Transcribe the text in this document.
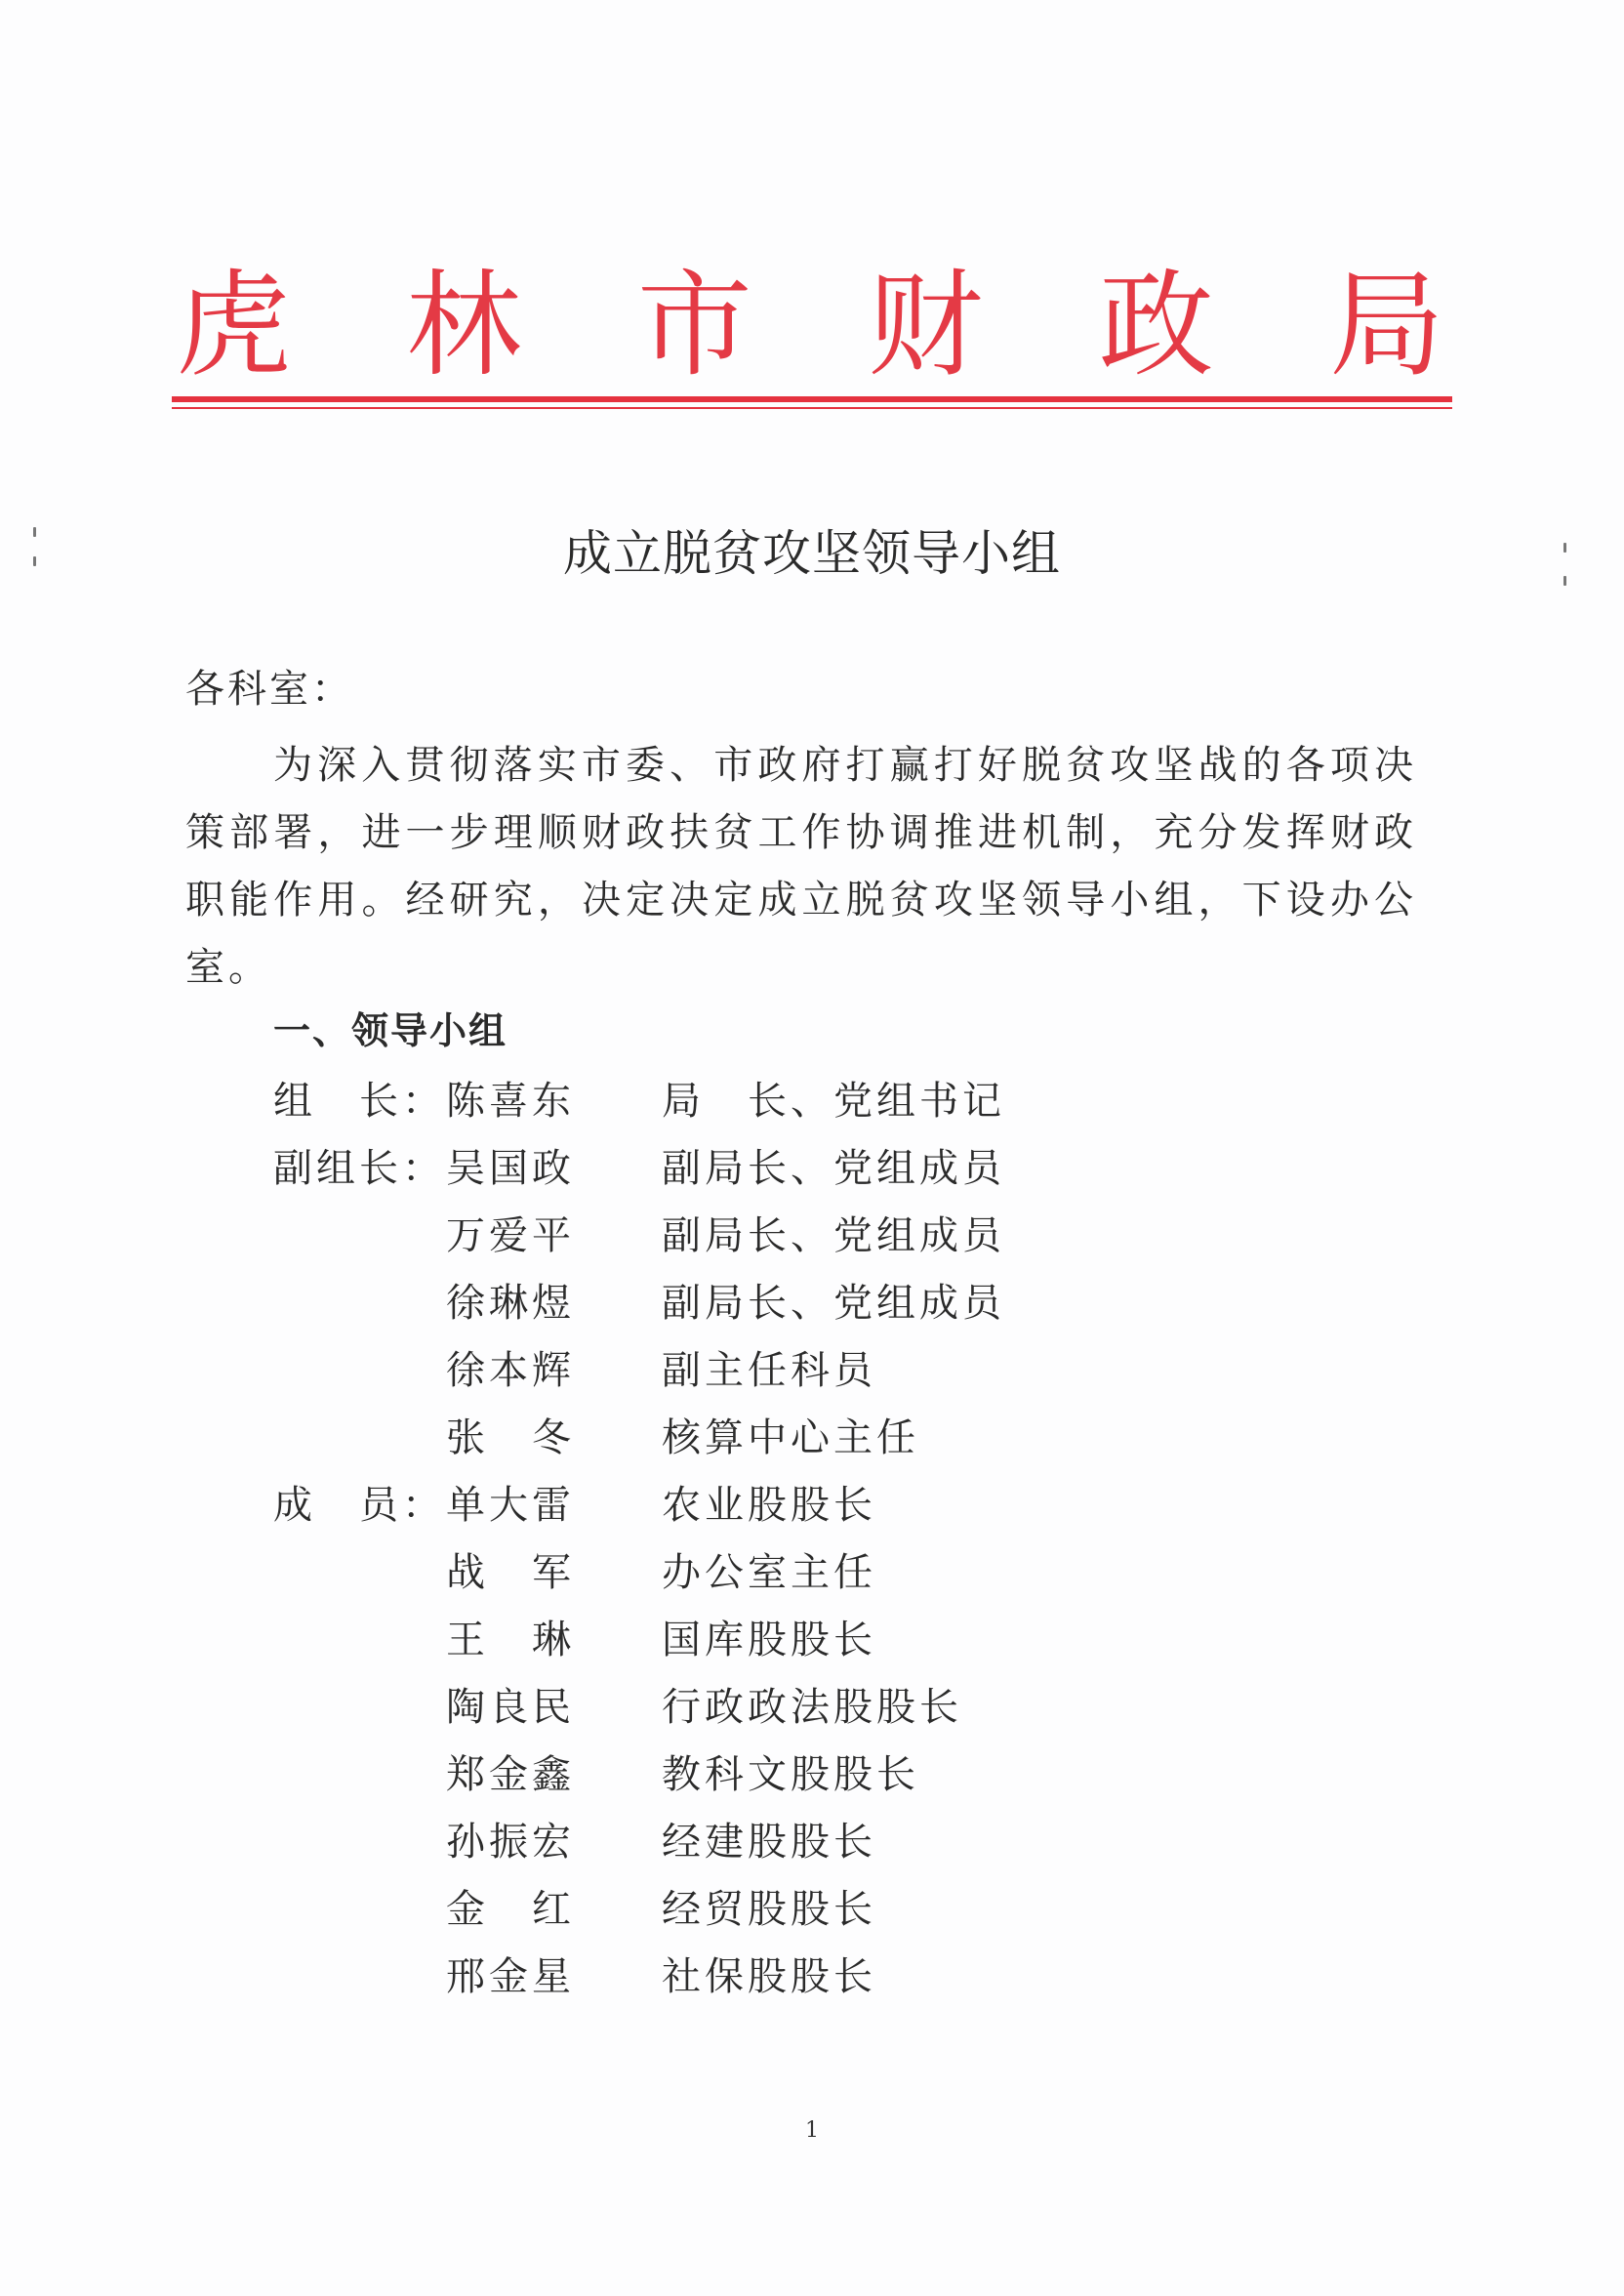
虎 林 市 财 政 局
成立脱贫攻坚领导小组
各科室：
为深入贯彻落实市委、市政府打赢打好脱贫攻坚战的各项决策部署，进一步理顺财政扶贫工作协调推进机制，充分发挥财政职能作用。经研究，决定决定成立脱贫攻坚领导小组，下设办公室。
一、领导小组
组　长： 陈喜东	局　长、党组书记
副组长： 吴国政	副局长、党组成员
万爱平	副局长、党组成员
徐琳煜	副局长、党组成员
徐本辉	副主任科员
张　冬	核算中心主任
成　员： 单大雷	农业股股长
战　军	办公室主任
王　琳	国库股股长
陶良民	行政政法股股长
郑金鑫	教科文股股长
孙振宏	经建股股长
金　红	经贸股股长
邢金星	社保股股长
1
